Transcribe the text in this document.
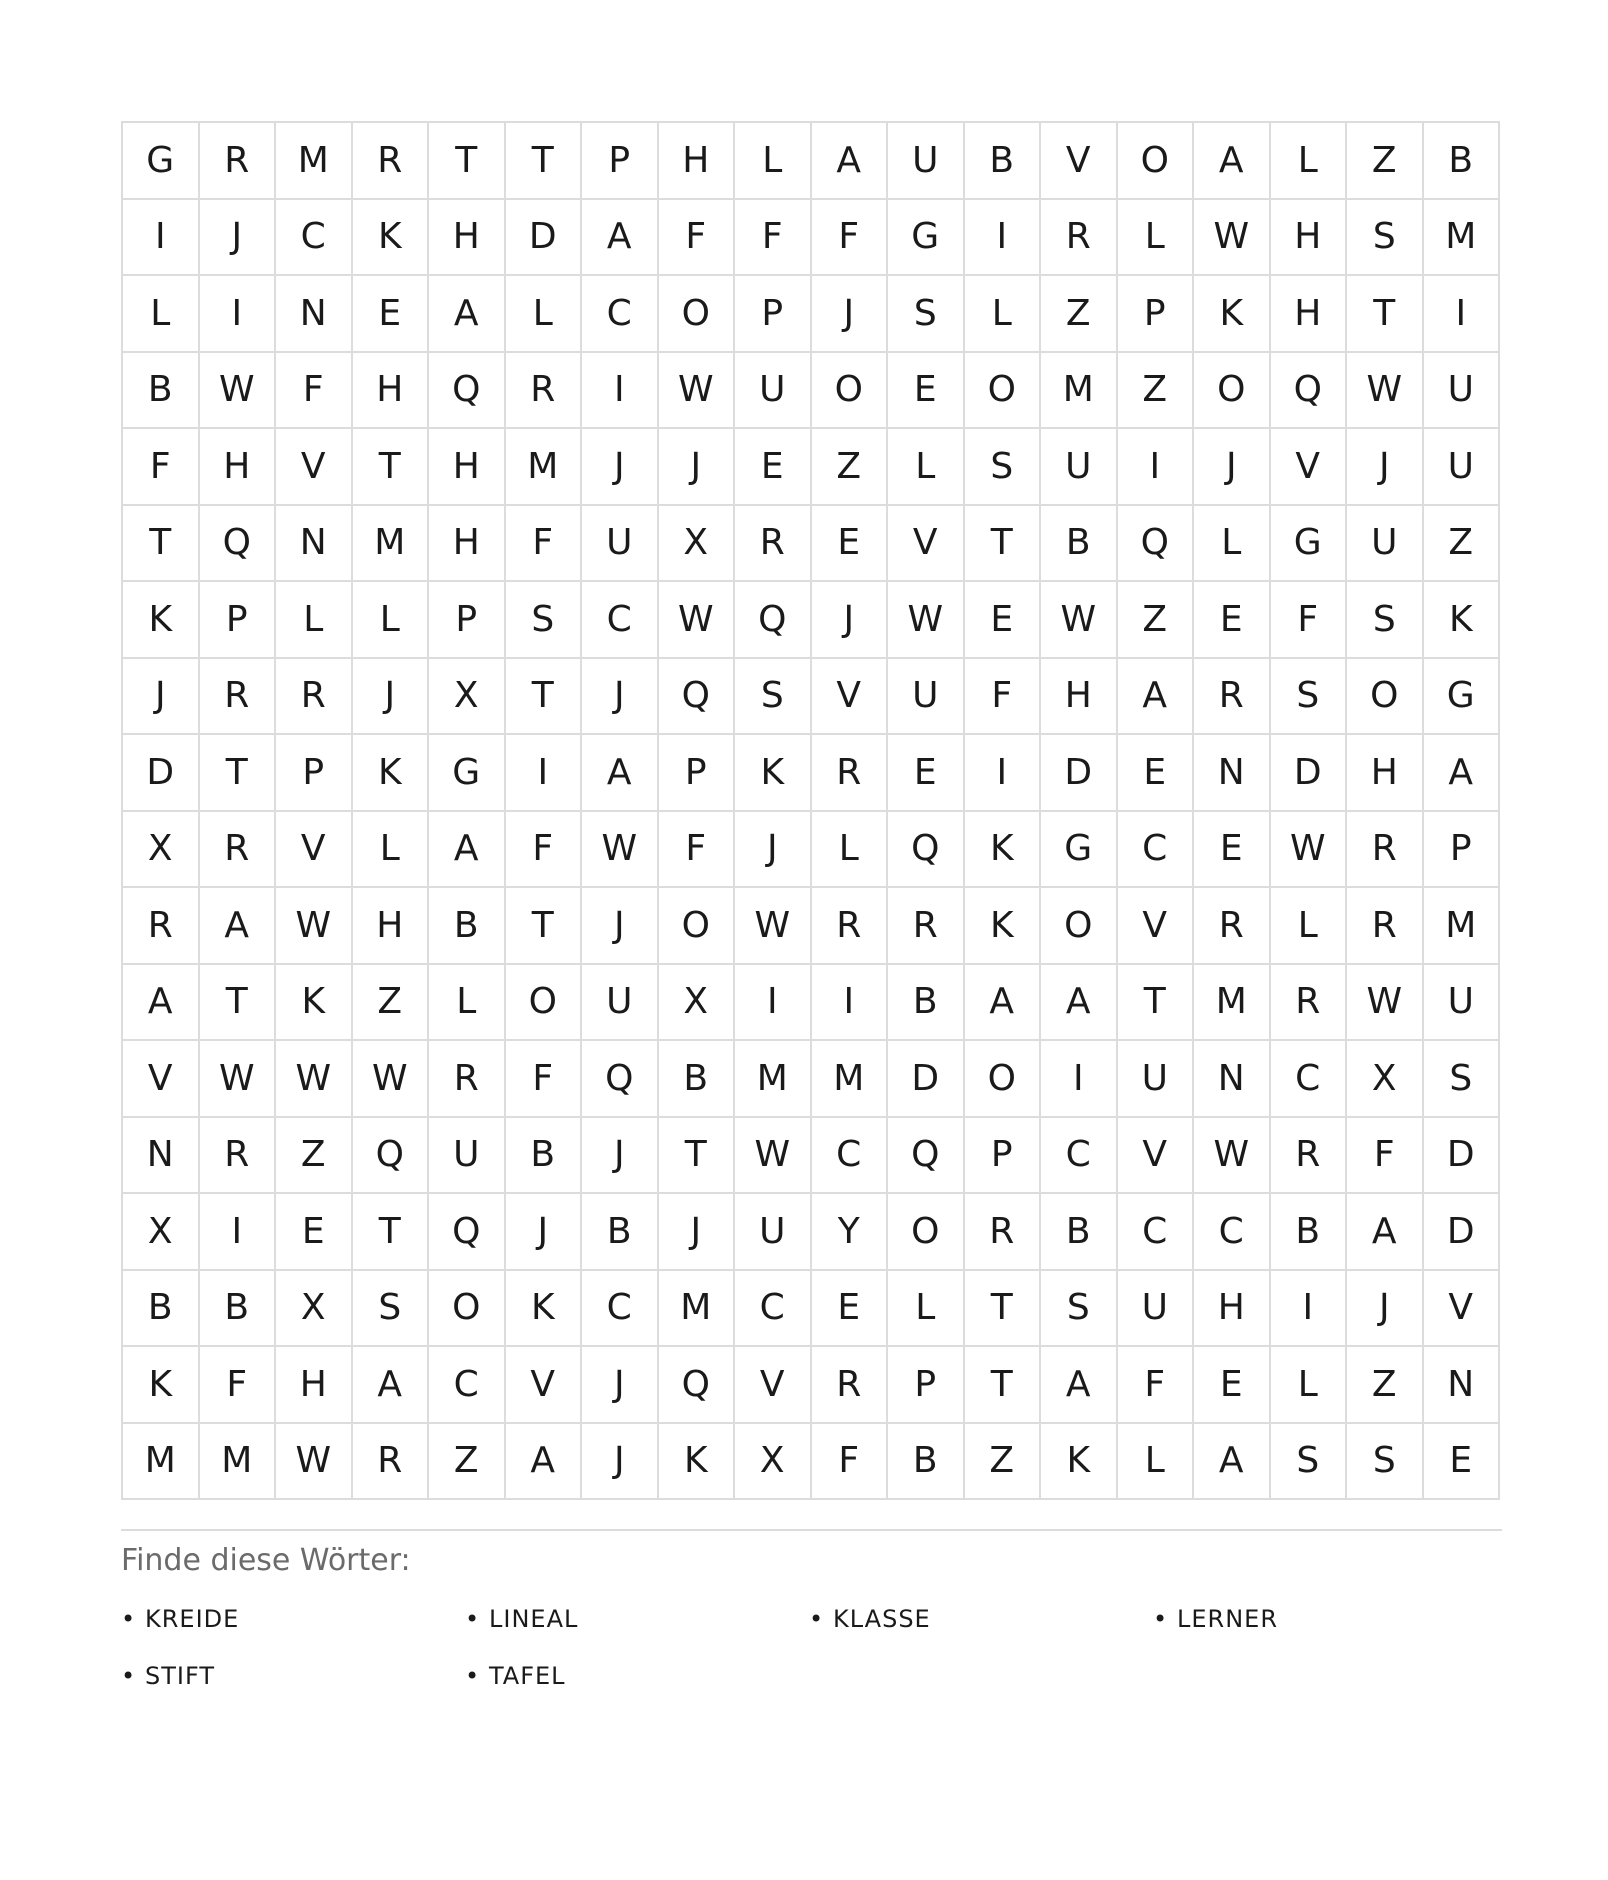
G	R	M	R	T	T	P	H	L	A	U	B	V	O	A	L	Z	B
I	J	C	K	H	D	A	F	F	F	G	I	R	L	W	H	S	M
L	I	N	E	A	L	C	O	P	J	S	L	Z	P	K	H	T	I
B	W	F	H	Q	R	I	W	U	O	E	O	M	Z	O	Q	W	U
F	H	V	T	H	M	J	J	E	Z	L	S	U	I	J	V	J	U
T	Q	N	M	H	F	U	X	R	E	V	T	B	Q	L	G	U	Z
K	P	L	L	P	S	C	W	Q	J	W	E	W	Z	E	F	S	K
J	R	R	J	X	T	J	Q	S	V	U	F	H	A	R	S	O	G
D	T	P	K	G	I	A	P	K	R	E	I	D	E	N	D	H	A
X	R	V	L	A	F	W	F	J	L	Q	K	G	C	E	W	R	P
R	A	W	H	B	T	J	O	W	R	R	K	O	V	R	L	R	M
A	T	K	Z	L	O	U	X	I	I	B	A	A	T	M	R	W	U
V	W	W	W	R	F	Q	B	M	M	D	O	I	U	N	C	X	S
N	R	Z	Q	U	B	J	T	W	C	Q	P	C	V	W	R	F	D
X	I	E	T	Q	J	B	J	U	Y	O	R	B	C	C	B	A	D
B	B	X	S	O	K	C	M	C	E	L	T	S	U	H	I	J	V
K	F	H	A	C	V	J	Q	V	R	P	T	A	F	E	L	Z	N
M	M	W	R	Z	A	J	K	X	F	B	Z	K	L	A	S	S	E
Finde diese Wörter:
• KREIDE	• LINEAL	• KLASSE	• LERNER
• STIFT	• TAFEL
